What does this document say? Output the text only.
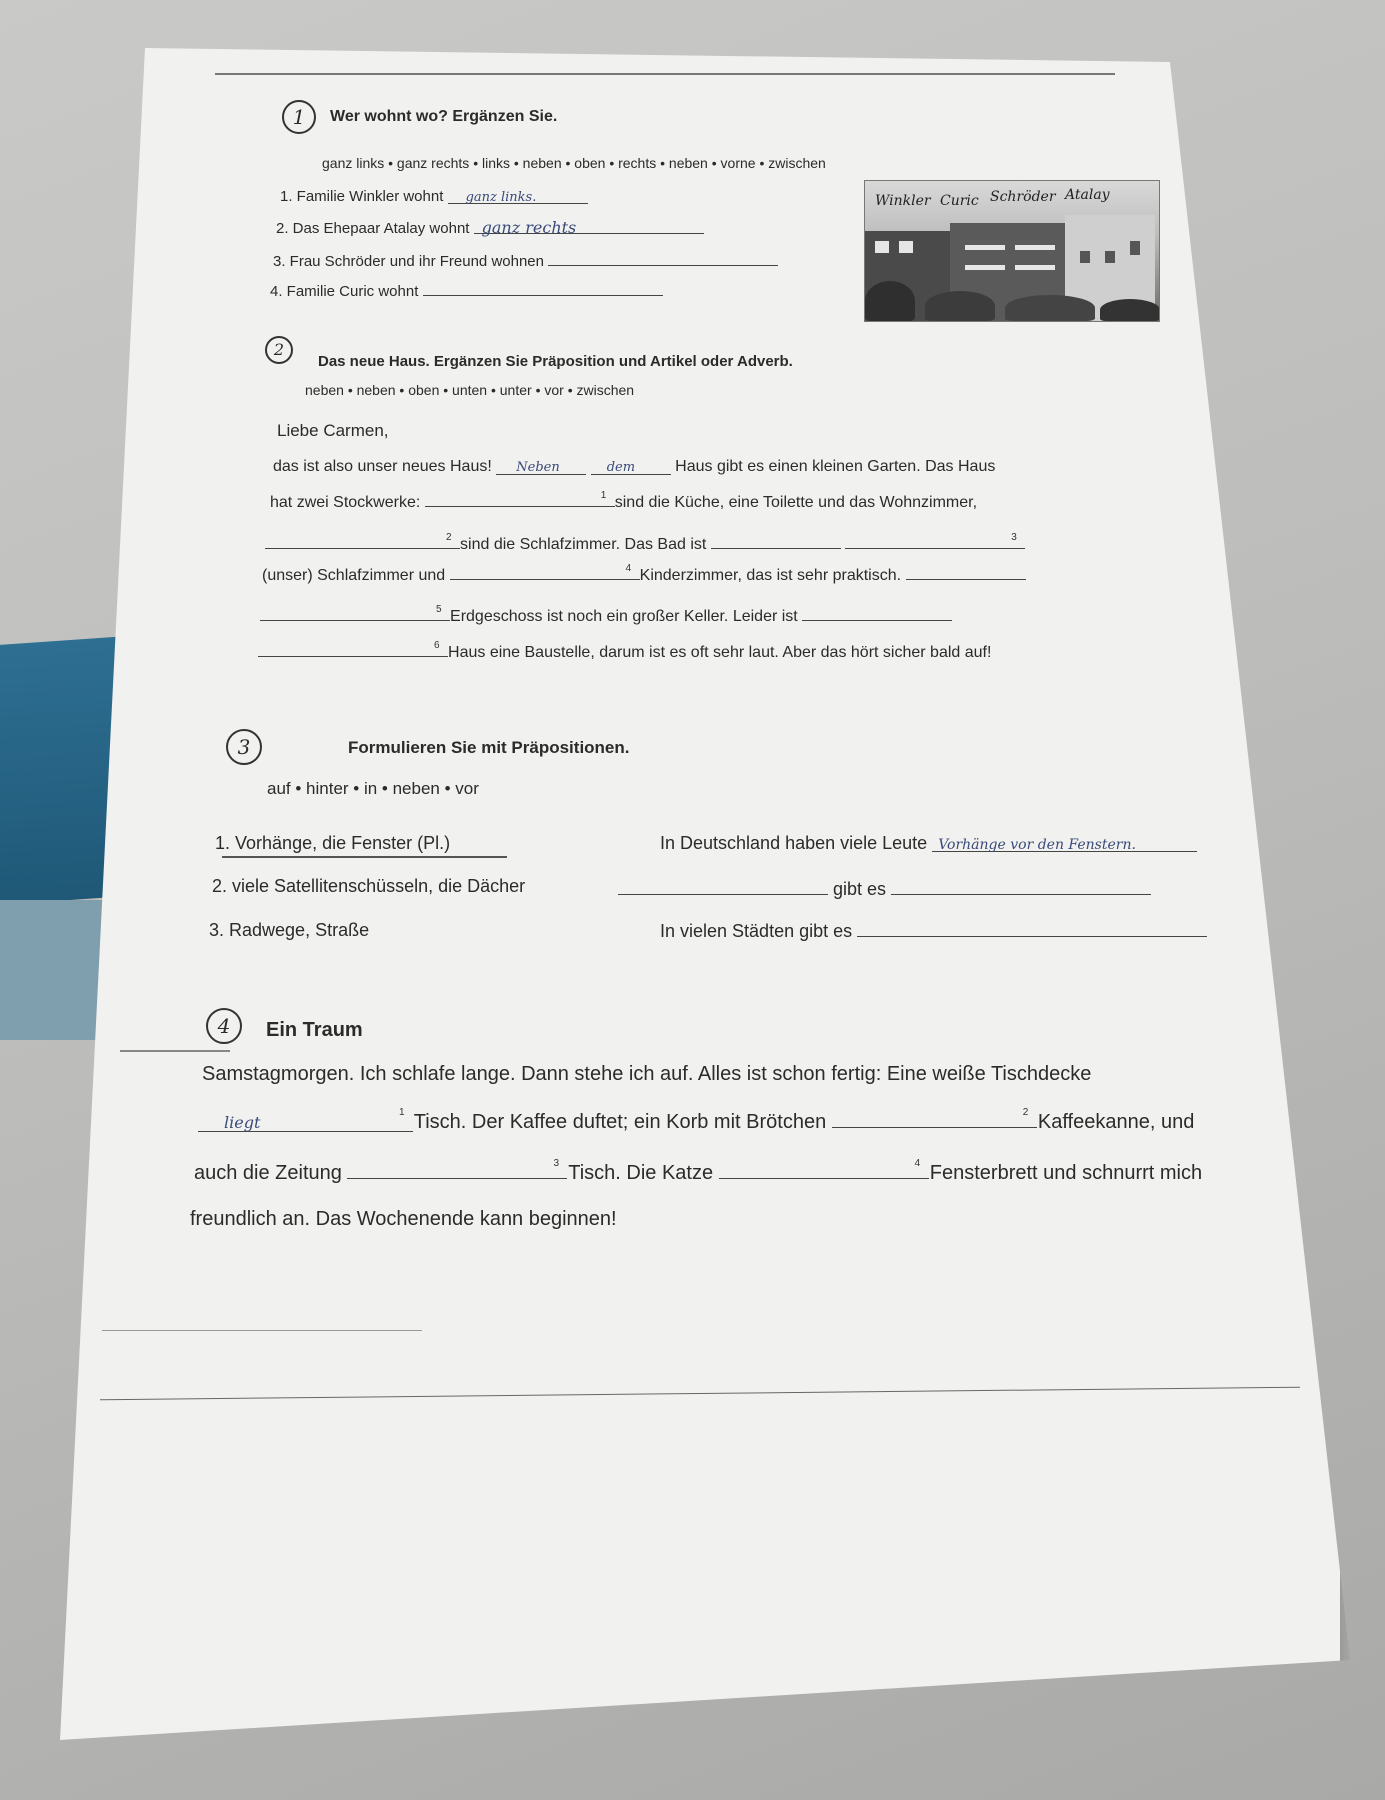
1	Wer wohnt wo? Ergänzen Sie.
ganz links • ganz rechts • links • neben • oben • rechts • neben • vorne • zwischen
1. Familie Winkler wohnt ganz links.
2. Das Ehepaar Atalay wohnt ganz rechts
3. Frau Schröder und ihr Freund wohnen
4. Familie Curic wohnt
Winkler Curic Schröder Atalay
2
Das neue Haus. Ergänzen Sie Präposition und Artikel oder Adverb.
neben • neben • oben • unten • unter • vor • zwischen
Liebe Carmen,
das ist also unser neues Haus! Neben	dem	Haus gibt es einen kleinen Garten. Das Haus
hat zwei Stockwerke:	$^1$ sind die Küche, eine Toilette und das Wohnzimmer,
$^2$ sind die Schlafzimmer. Das Bad ist	$^3$
(unser) Schlafzimmer und	$^4$ Kinderzimmer, das ist sehr praktisch.
$^5$ Erdgeschoss ist noch ein großer Keller. Leider ist
$^6$ Haus eine Baustelle, darum ist es oft sehr laut. Aber das hört sicher bald auf!
3	Formulieren Sie mit Präpositionen.
auf • hinter • in • neben • vor
1. Vorhänge, die Fenster (Pl.)	In Deutschland haben viele Leute Vorhänge vor den Fenstern.
2. viele Satellitenschüsseln, die Dächer	gibt es
3. Radwege, Straße	In vielen Städten gibt es
4	Ein Traum
Samstagmorgen. Ich schlafe lange. Dann stehe ich auf. Alles ist schon fertig: Eine weiße Tischdecke
liegt$^1$ Tisch. Der Kaffee duftet; ein Korb mit Brötchen	$^2$ Kaffeekanne, und
auch die Zeitung	$^3$ Tisch. Die Katze	$^4$ Fensterbrett und schnurrt mich
freundlich an. Das Wochenende kann beginnen!
